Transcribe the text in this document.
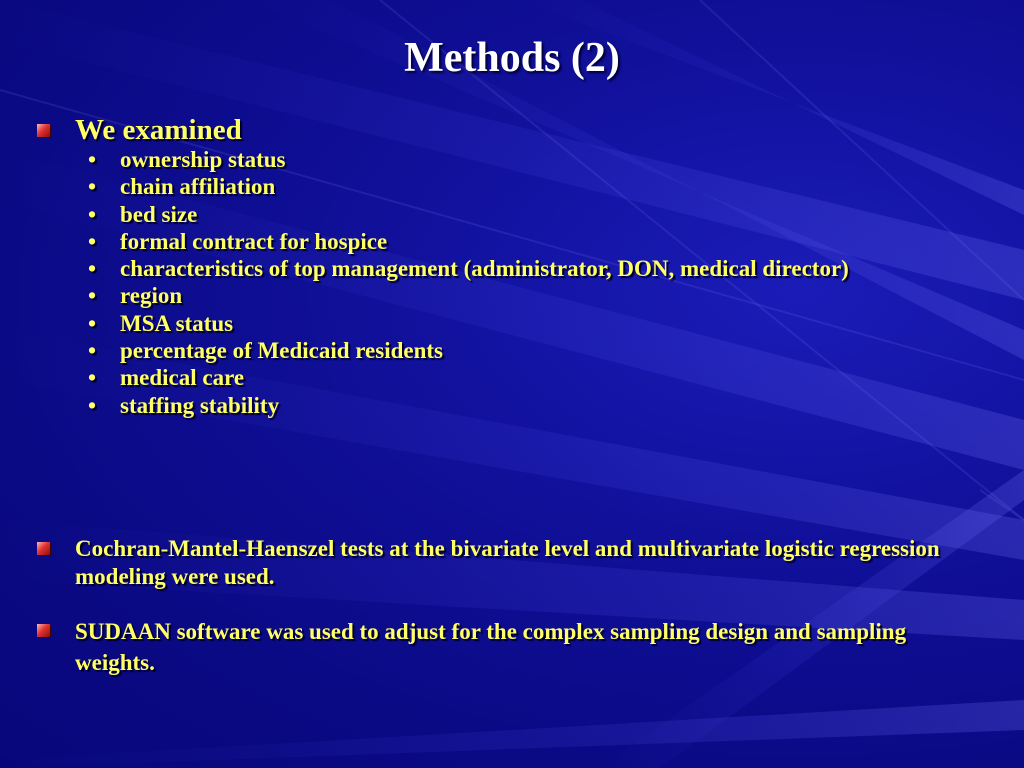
Methods (2)
We examined
•	ownership status
•	chain affiliation
•	bed size
•	formal contract for hospice
•	characteristics of top management (administrator, DON, medical director)
•	region
•	MSA status
•	percentage of Medicaid residents
•	medical care
•	staffing stability
Cochran-Mantel-Haenszel tests at the bivariate level and multivariate logistic regression modeling were used.
SUDAAN software was used to adjust for the complex sampling design and sampling weights.
